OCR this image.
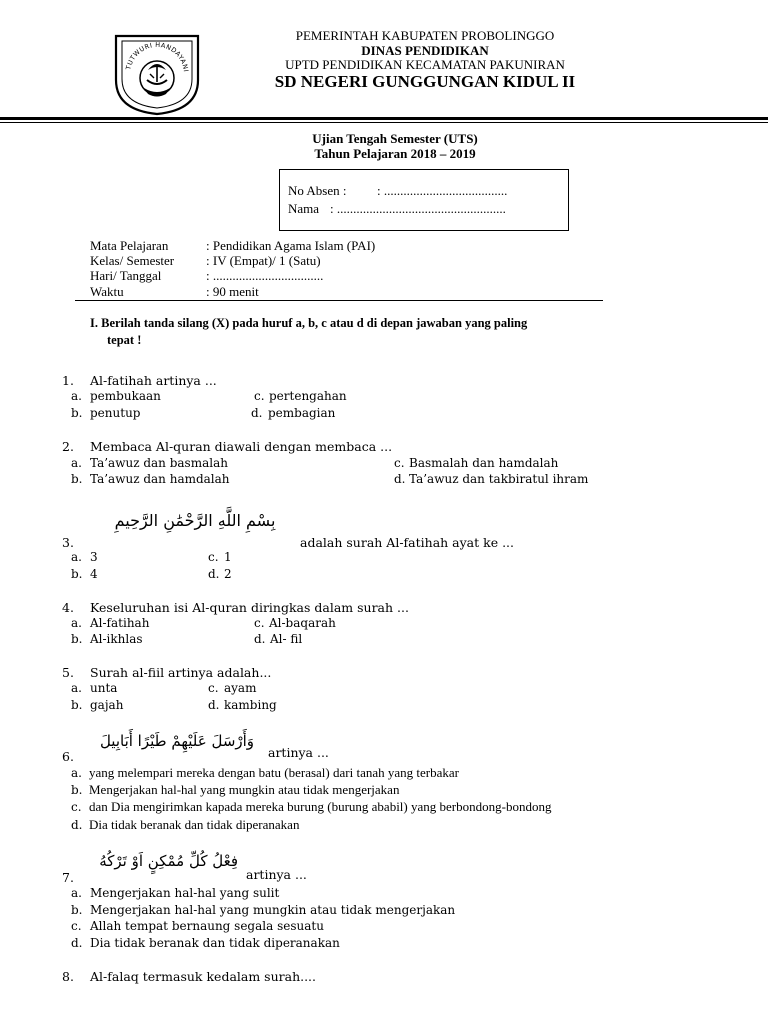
TUTWURI HANDAYANI
PEMERINTAH KABUPATEN PROBOLINGGO
DINAS PENDIDIKAN
UPTD PENDIDIKAN KECAMATAN PAKUNIRAN
SD NEGERI GUNGGUNGAN KIDUL II
Ujian Tengah Semester (UTS)
Tahun Pelajaran 2018 – 2019
No Absen : : ......................................
Nama : ....................................................
Mata Pelajaran	: Pendidikan Agama Islam (PAI)
Kelas/ Semester : IV (Empat)/ 1 (Satu)
Hari/ Tanggal	: ..................................
Waktu	: 90 menit
I. Berilah tanda silang (X) pada huruf a, b, c atau d di depan jawaban yang paling
tepat !
1. Al-fatihah artinya ...
a. pembukaan	c. pertengahan
b. penutup	d. pembagian
2. Membaca Al-quran diawali dengan membaca ...
a. Ta’awuz dan basmalah	c. Basmalah dan hamdalah
b. Ta’awuz dan hamdalah	d. Ta’awuz dan takbiratul ihram
بِسْمِ اللَّهِ الرَّحْمَٰنِ الرَّحِيمِ
3.	adalah surah Al-fatihah ayat ke ...
a. 3	c. 1
b. 4	d. 2
4. Keseluruhan isi Al-quran diringkas dalam surah ...
a. Al-fatihah	c. Al-baqarah
b. Al-ikhlas	d. Al- fil
5. Surah al-fiil artinya adalah...
a. unta	c. ayam
b. gajah	d. kambing
وَأَرْسَلَ عَلَيْهِمْ طَيْرًا أَبَابِيلَ
6.	artinya ...
a. yang melempari mereka dengan batu (berasal) dari tanah yang terbakar
b. Mengerjakan hal-hal yang mungkin atau tidak mengerjakan
c. dan Dia mengirimkan kapada mereka burung (burung ababil) yang berbondong-bondong
d. Dia tidak beranak dan tidak diperanakan
فِعْلُ كُلِّ مُمْكِنٍ اَوْ تَرْكُهُ
7.	artinya ...
a. Mengerjakan hal-hal yang sulit
b. Mengerjakan hal-hal yang mungkin atau tidak mengerjakan
c. Allah tempat bernaung segala sesuatu
d. Dia tidak beranak dan tidak diperanakan
8. Al-falaq termasuk kedalam surah....
